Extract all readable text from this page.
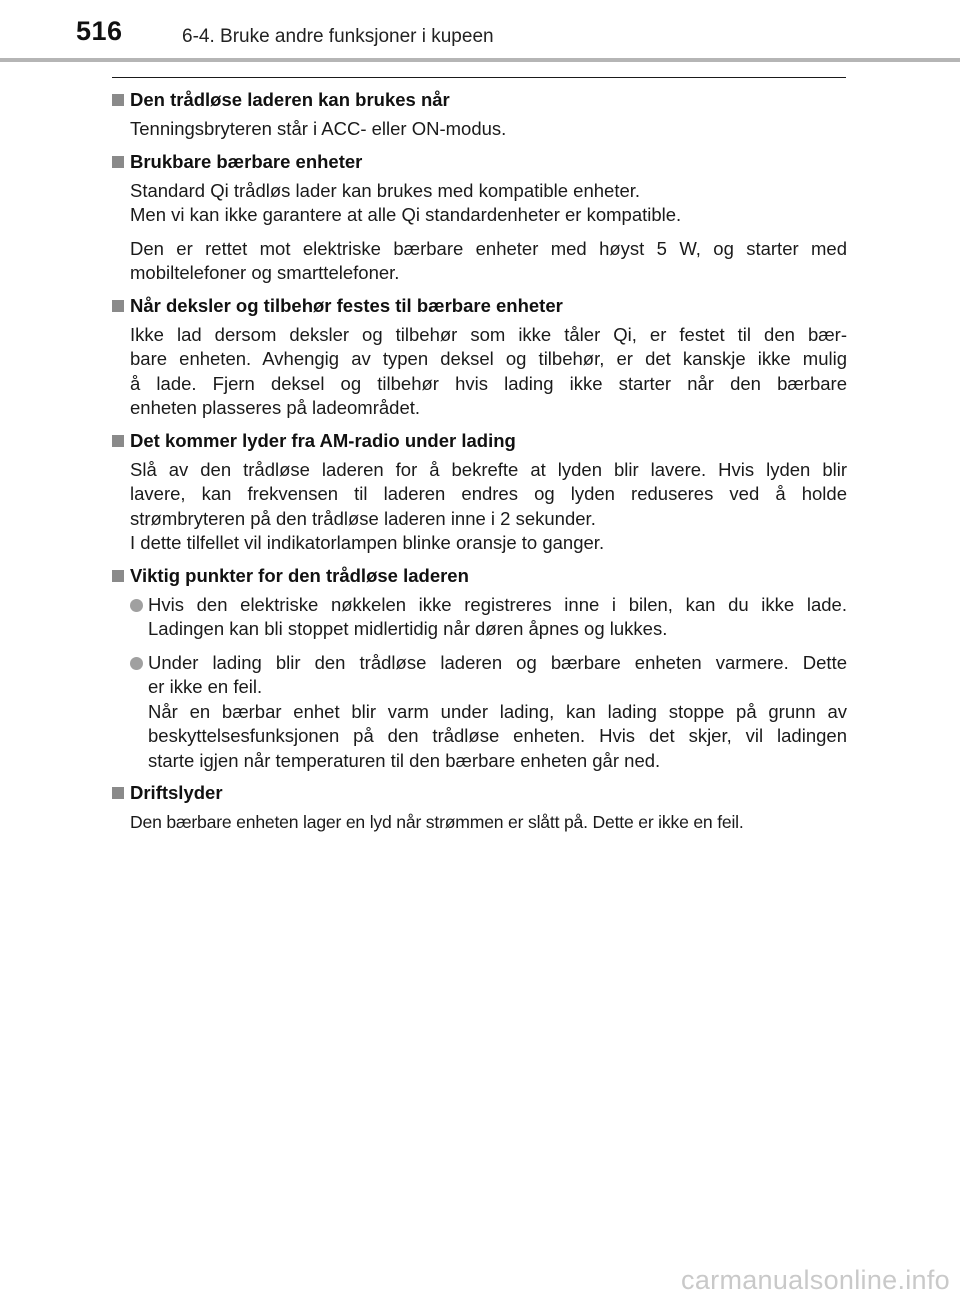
516	6-4. Bruke andre funksjoner i kupeen
Den trådløse laderen kan brukes når
Tenningsbryteren står i ACC- eller ON-modus.
Brukbare bærbare enheter
Standard Qi trådløs lader kan brukes med kompatible enheter.
Men vi kan ikke garantere at alle Qi standardenheter er kompatible.
Den er rettet mot elektriske bærbare enheter med høyst 5 W, og starter med
mobiltelefoner og smarttelefoner.
Når deksler og tilbehør festes til bærbare enheter
Ikke lad dersom deksler og tilbehør som ikke tåler Qi, er festet til den bær-
bare enheten. Avhengig av typen deksel og tilbehør, er det kanskje ikke mulig
å lade. Fjern deksel og tilbehør hvis lading ikke starter når den bærbare
enheten plasseres på ladeområdet.
Det kommer lyder fra AM-radio under lading
Slå av den trådløse laderen for å bekrefte at lyden blir lavere. Hvis lyden blir
lavere, kan frekvensen til laderen endres og lyden reduseres ved å holde
strømbryteren på den trådløse laderen inne i 2 sekunder.
I dette tilfellet vil indikatorlampen blinke oransje to ganger.
Viktig punkter for den trådløse laderen
Hvis den elektriske nøkkelen ikke registreres inne i bilen, kan du ikke lade.
Ladingen kan bli stoppet midlertidig når døren åpnes og lukkes.
Under lading blir den trådløse laderen og bærbare enheten varmere. Dette
er ikke en feil.
Når en bærbar enhet blir varm under lading, kan lading stoppe på grunn av
beskyttelsesfunksjonen på den trådløse enheten. Hvis det skjer, vil ladingen
starte igjen når temperaturen til den bærbare enheten går ned.
Driftslyder
Den bærbare enheten lager en lyd når strømmen er slått på. Dette er ikke en feil.
carmanualsonline.info
